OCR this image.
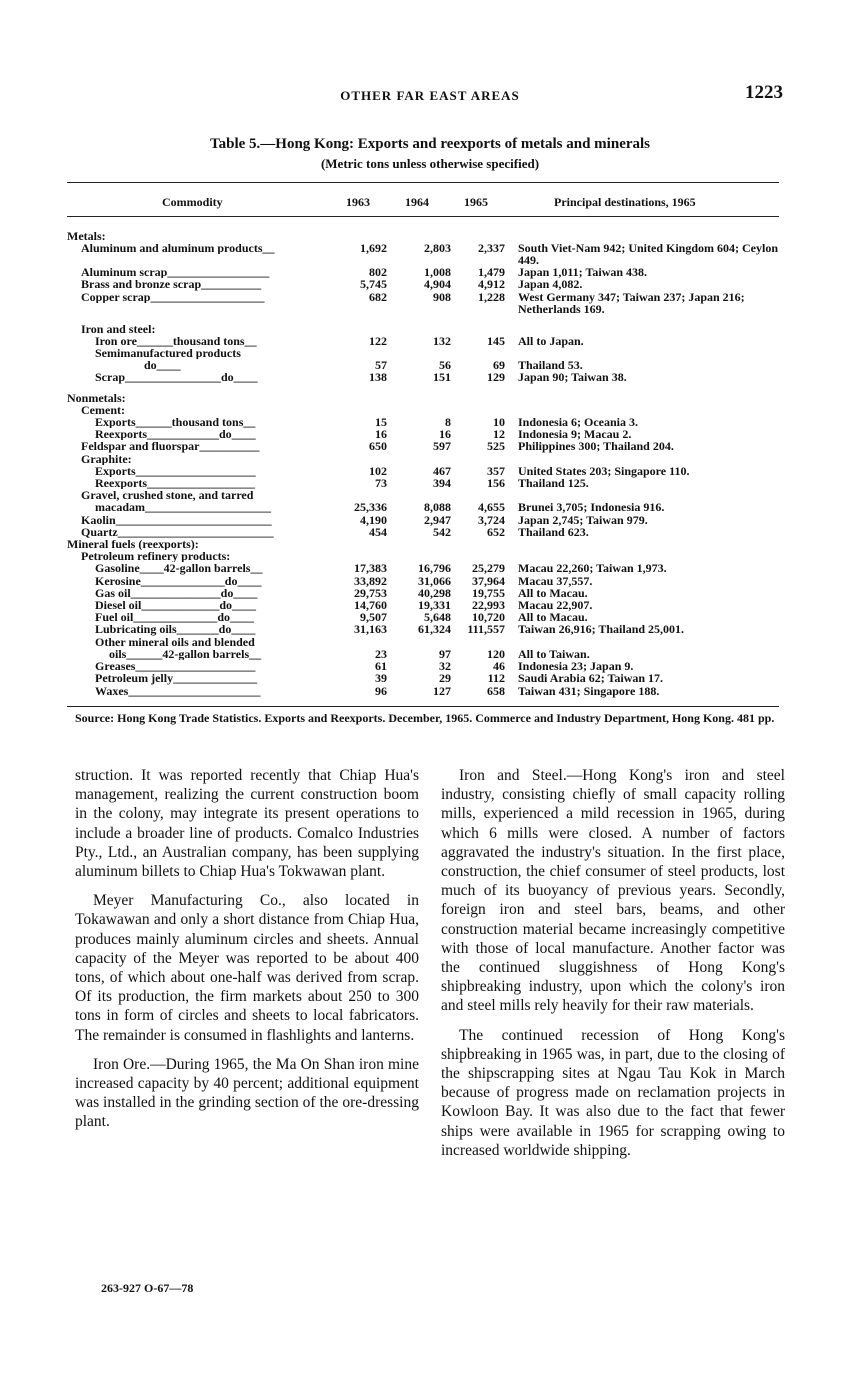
OTHER FAR EAST AREAS	1223
Table 5.—Hong Kong: Exports and reexports of metals and minerals
(Metric tons unless otherwise specified)
Commodity	1963	1964	1965	Principal destinations, 1965
Metals:
Aluminum and aluminum products__	1,692	2,803	2,337 South Viet-Nam 942; United Kingdom 604; Ceylon 449.
Aluminum scrap_________________	802	1,008	1,479 Japan 1,011; Taiwan 438.
Brass and bronze scrap__________	5,745	4,904	4,912 Japan 4,082.
Copper scrap___________________	682	908	1,228 West Germany 347; Taiwan 237; Japan 216; Netherlands 169.
Iron and steel:
Iron ore______thousand tons__	122	132	145 All to Japan.
Semimanufactured products
do____	57	56	69 Thailand 53.
Scrap________________do____	138	151	129 Japan 90; Taiwan 38.
Nonmetals:
Cement:
Exports______thousand tons__	15	8	10 Indonesia 6; Oceania 3.
Reexports____________do____	16	16	12 Indonesia 9; Macau 2.
Feldspar and fluorspar__________	650	597	525 Philippines 300; Thailand 204.
Graphite:
Exports____________________	102	467	357 United States 203; Singapore 110.
Reexports__________________	73	394	156 Thailand 125.
Gravel, crushed stone, and tarred
macadam_____________________	25,336	8,088	4,655 Brunei 3,705; Indonesia 916.
Kaolin__________________________	4,190	2,947	3,724 Japan 2,745; Taiwan 979.
Quartz__________________________	454	542	652 Thailand 623.
Mineral fuels (reexports):
Petroleum refinery products:
Gasoline____42-gallon barrels__	17,383	16,796	25,279 Macau 22,260; Taiwan 1,973.
Kerosine______________do____	33,892	31,066	37,964 Macau 37,557.
Gas oil_______________do____	29,753	40,298	19,755 All to Macau.
Diesel oil_____________do____	14,760	19,331	22,993 Macau 22,907.
Fuel oil______________do____	9,507	5,648	10,720 All to Macau.
Lubricating oils_______do____	31,163	61,324	111,557 Taiwan 26,916; Thailand 25,001.
Other mineral oils and blended
oils______42-gallon barrels__	23	97	120 All to Taiwan.
Greases____________________	61	32	46 Indonesia 23; Japan 9.
Petroleum jelly______________	39	29	112 Saudi Arabia 62; Taiwan 17.
Waxes______________________	96	127	658 Taiwan 431; Singapore 188.
Source: Hong Kong Trade Statistics. Exports and Reexports. December, 1965. Commerce and Industry Department, Hong Kong. 481 pp.

struction. It was reported recently that Chiap Hua's management, realizing the current construction boom in the colony, may integrate its present operations to include a broader line of products. Comalco Industries Pty., Ltd., an Australian company, has been supplying aluminum billets to Chiap Hua's Tokwawan plant.

Meyer Manufacturing Co., also located in Tokawawan and only a short distance from Chiap Hua, produces mainly aluminum circles and sheets. Annual capacity of the Meyer was reported to be about 400 tons, of which about one-half was derived from scrap. Of its production, the firm markets about 250 to 300 tons in form of circles and sheets to local fabricators. The remainder is consumed in flashlights and lanterns.

Iron Ore.—During 1965, the Ma On Shan iron mine increased capacity by 40 percent; additional equipment was installed in the grinding section of the ore-dressing plant.

Iron and Steel.—Hong Kong's iron and steel industry, consisting chiefly of small capacity rolling mills, experienced a mild recession in 1965, during which 6 mills were closed. A number of factors aggravated the industry's situation. In the first place, construction, the chief consumer of steel products, lost much of its buoyancy of previous years. Secondly, foreign iron and steel bars, beams, and other construction material became increasingly competitive with those of local manufacture. Another factor was the continued sluggishness of Hong Kong's shipbreaking industry, upon which the colony's iron and steel mills rely heavily for their raw materials.

The continued recession of Hong Kong's shipbreaking in 1965 was, in part, due to the closing of the shipscrapping sites at Ngau Tau Kok in March because of progress made on reclamation projects in Kowloon Bay. It was also due to the fact that fewer ships were available in 1965 for scrapping owing to increased worldwide shipping.

263-927 O-67—78
